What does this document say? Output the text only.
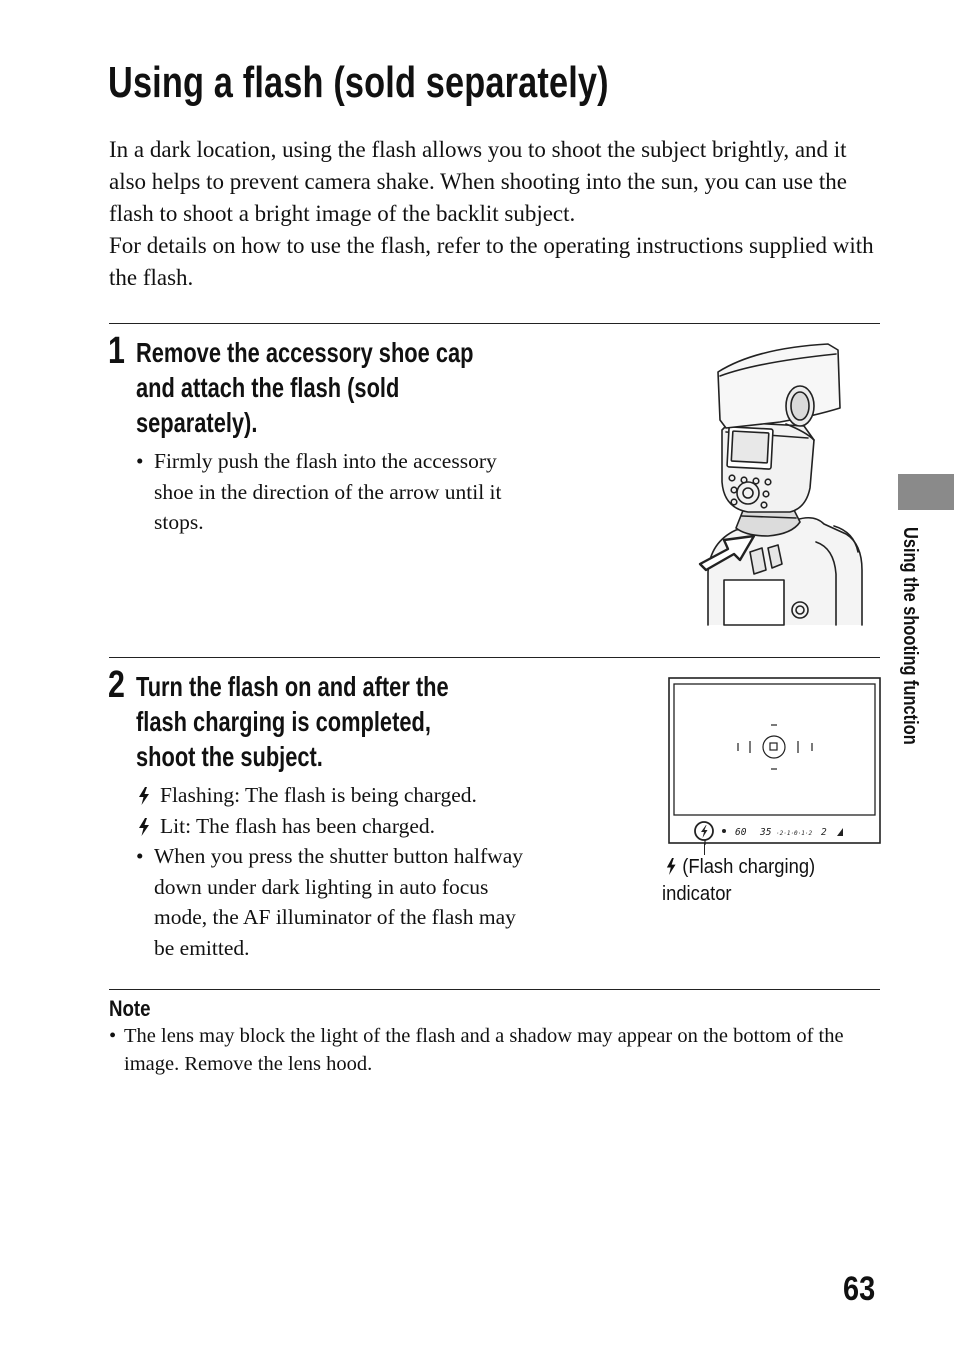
Using a flash (sold separately)

In a dark location, using the flash allows you to shoot the subject brightly, and it also helps to prevent camera shake. When shooting into the sun, you can use the flash to shoot a bright image of the backlit subject.

For details on how to use the flash, refer to the operating instructions supplied with the flash.

1 Remove the accessory shoe cap
and attach the flash (sold
separately).
• Firmly push the flash into the accessory shoe in the direction of the arrow until it stops.
2 Turn the flash on and after the
flash charging is completed,
shoot the subject.
Flashing: The flash is being charged.
Lit: The flash has been charged.
• When you press the shutter button halfway down under dark lighting in auto focus mode, the AF illuminator of the flash may be emitted.
60 35 ·2·1·0·1·2 2
(Flash charging)
indicator
Note
• The lens may block the light of the flash and a shadow may appear on the bottom of the image. Remove the lens hood.
Using the shooting function
63
